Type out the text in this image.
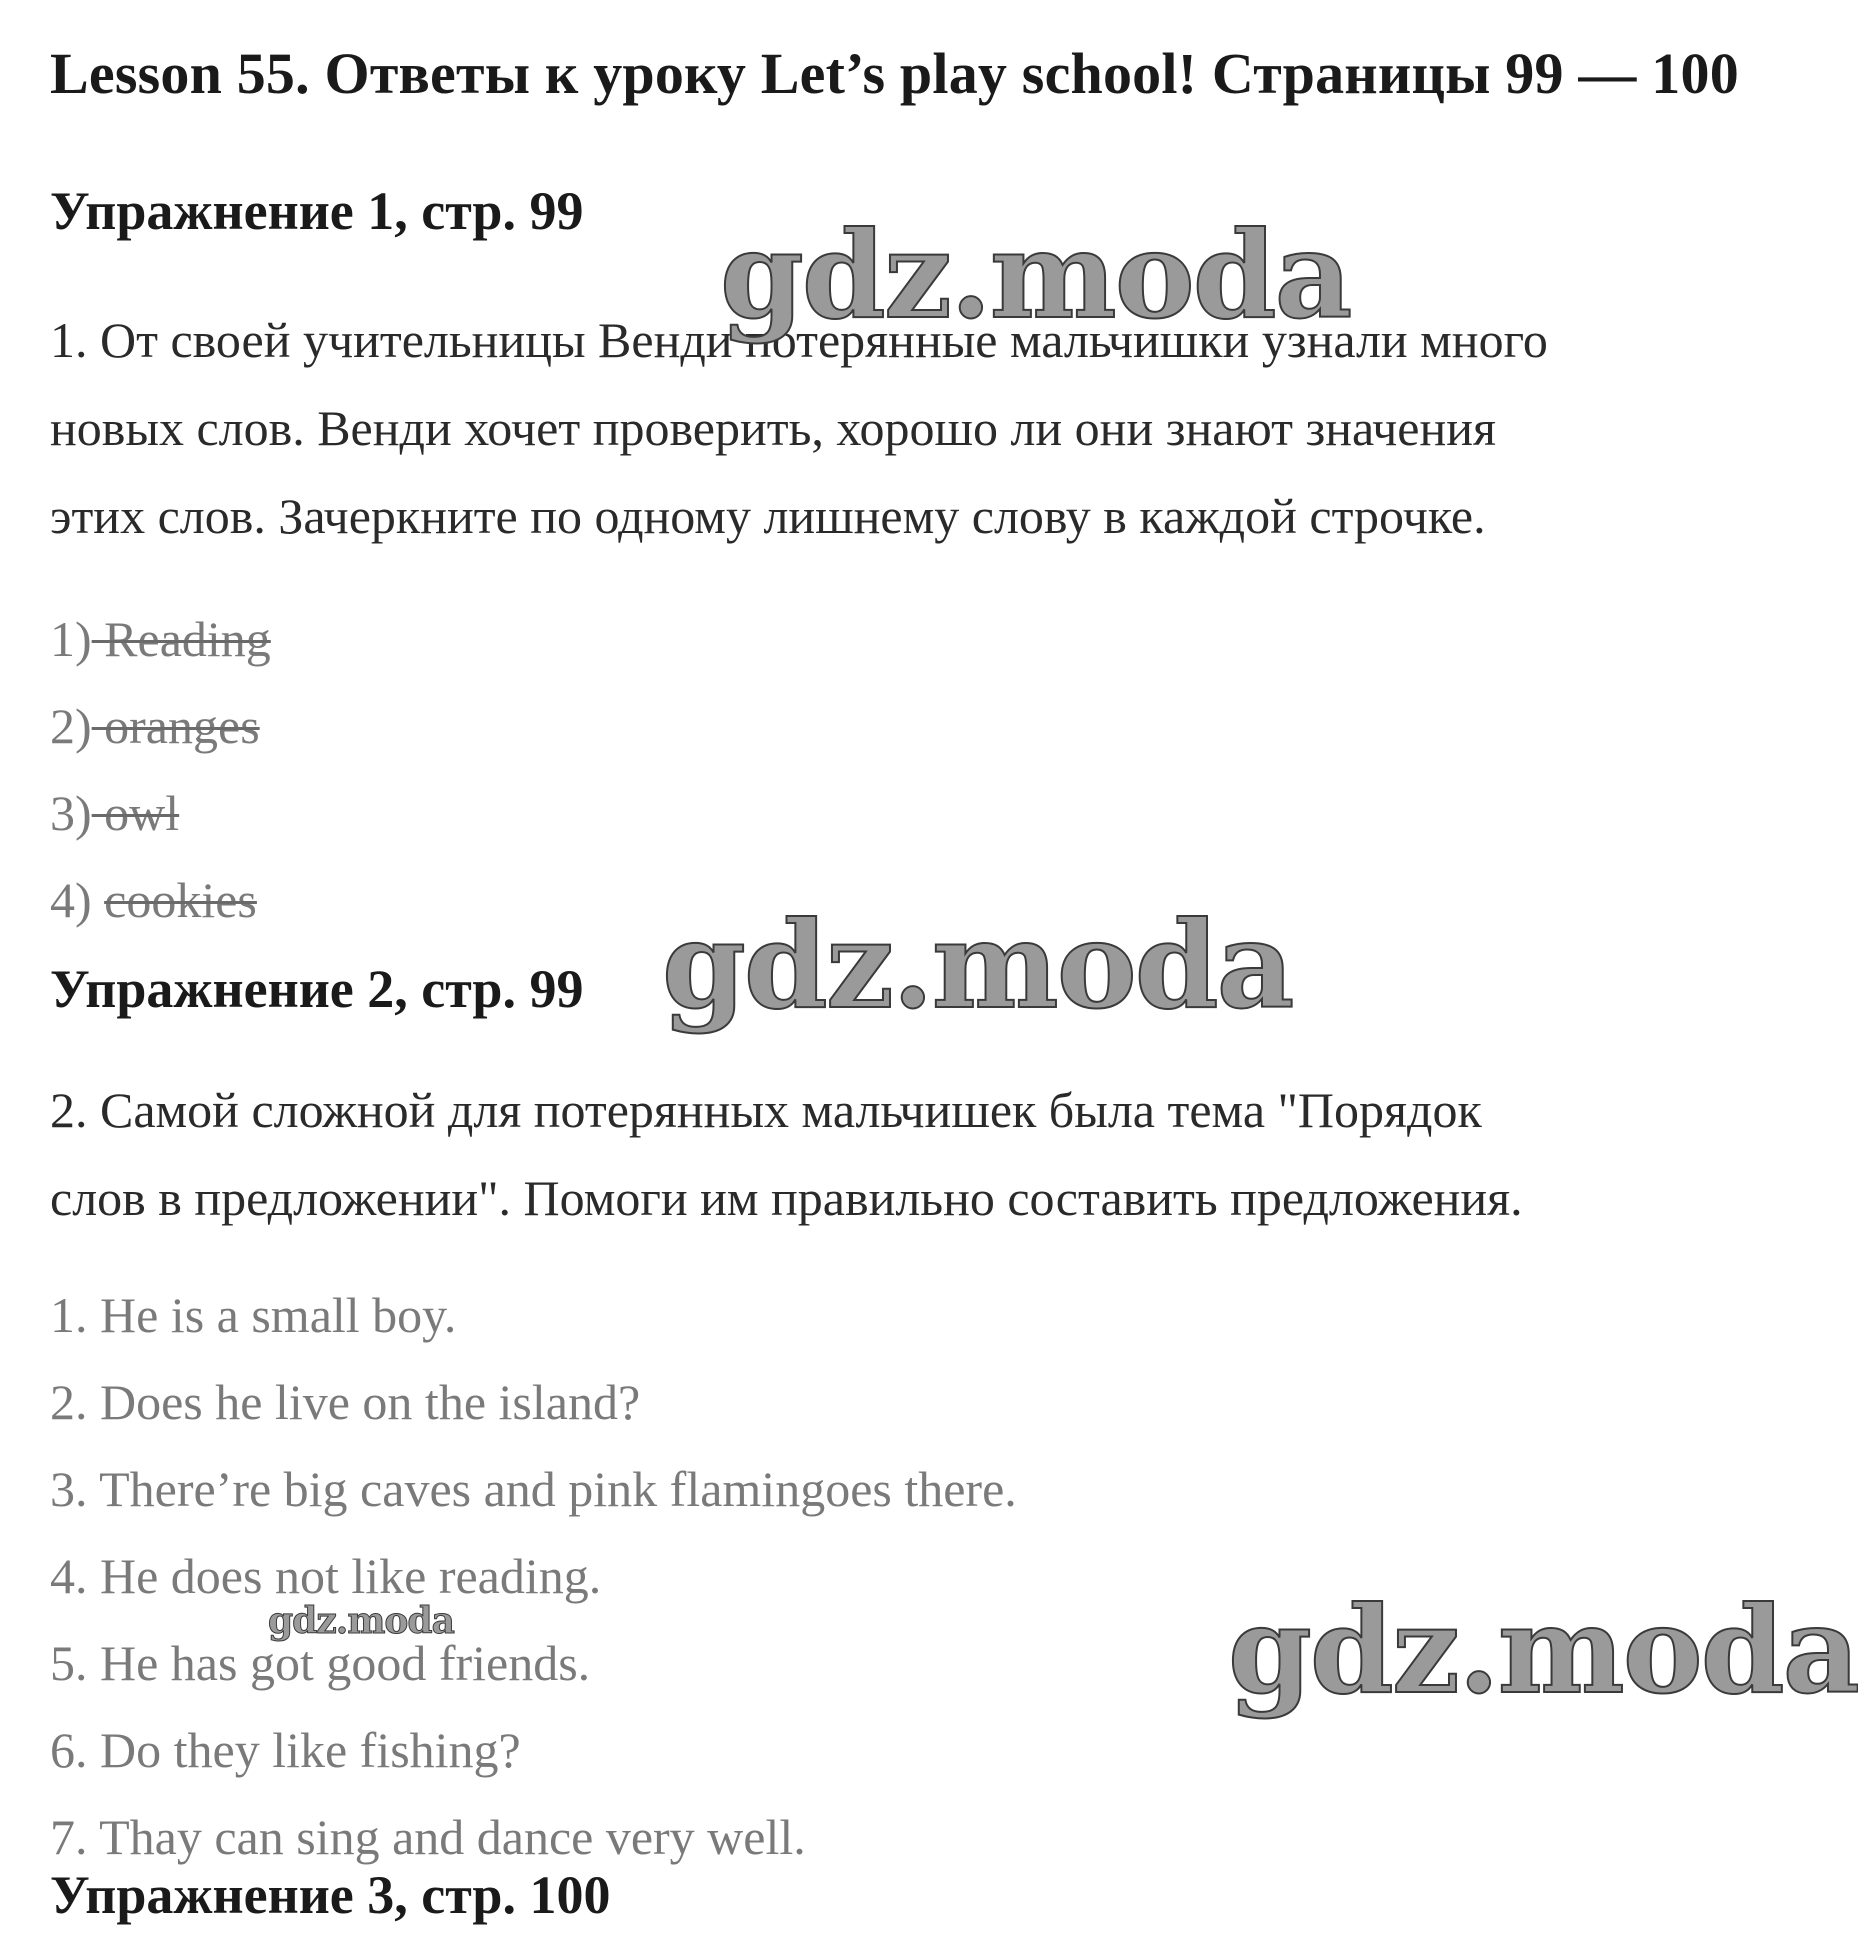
Lesson 55. Ответы к уроку Let’s play school! Страницы 99 — 100
Упражнение 1, стр. 99
1. От своей учительницы Венди потерянные мальчишки узнали много
новых слов. Венди хочет проверить, хорошо ли они знают значения
этих слов. Зачеркните по одному лишнему слову в каждой строчке.
1) Reading
2) oranges
3) owl
4) cookies
Упражнение 2, стр. 99
2. Самой сложной для потерянных мальчишек была тема "Порядок
слов в предложении". Помоги им правильно составить предложения.
1. He is a small boy.
2. Does he live on the island?
3. There’re big caves and pink flamingoes there.
4. He does not like reading.
5. He has got good friends.
6. Do they like fishing?
7. Thay can sing and dance very well.
Упражнение 3, стр. 100
gdz.moda
gdz.moda
gdz.moda
gdz.moda
